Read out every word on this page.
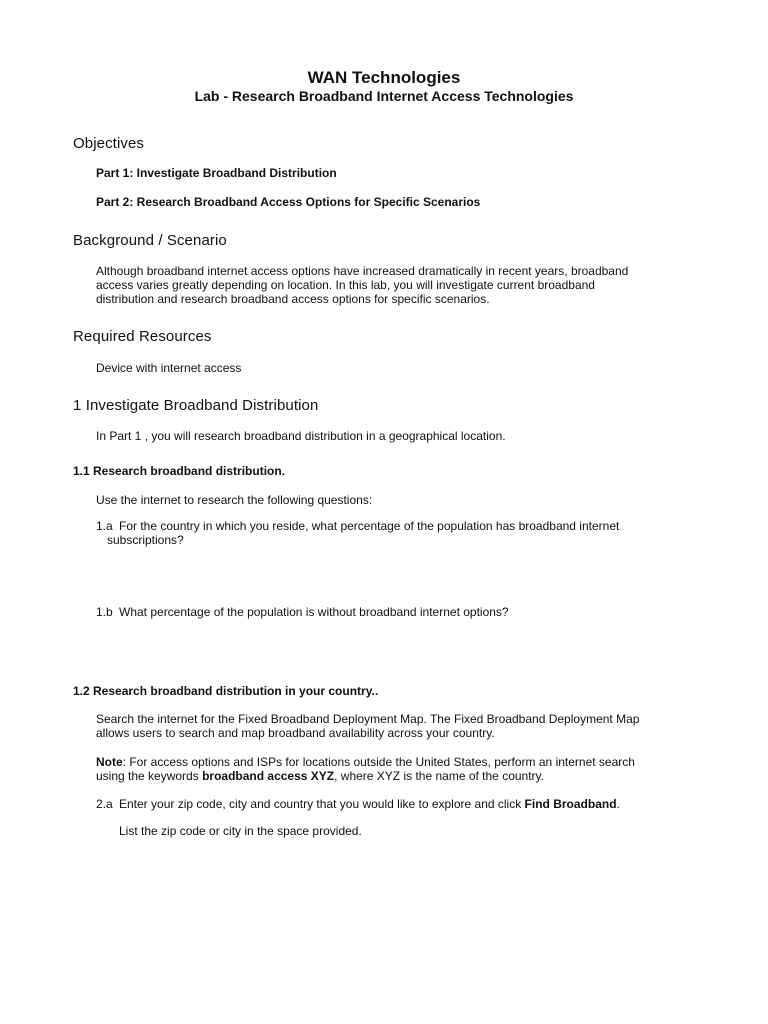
WAN Technologies
Lab - Research Broadband Internet Access Technologies
Objectives
Part 1: Investigate Broadband Distribution
Part 2: Research Broadband Access Options for Specific Scenarios
Background / Scenario
Although broadband internet access options have increased dramatically in recent years, broadband
access varies greatly depending on location. In this lab, you will investigate current broadband
distribution and research broadband access options for specific scenarios.
Required Resources
Device with internet access
1 Investigate Broadband Distribution
In Part 1 , you will research broadband distribution in a geographical location.
1.1 Research broadband distribution.
Use the internet to research the following questions:
1.a For the country in which you reside, what percentage of the population has broadband internet
subscriptions?
1.b What percentage of the population is without broadband internet options?
1.2 Research broadband distribution in your country..
Search the internet for the Fixed Broadband Deployment Map. The Fixed Broadband Deployment Map
allows users to search and map broadband availability across your country.
Note: For access options and ISPs for locations outside the United States, perform an internet search
using the keywords broadband access XYZ, where XYZ is the name of the country.
2.a Enter your zip code, city and country that you would like to explore and click Find Broadband.
List the zip code or city in the space provided.
